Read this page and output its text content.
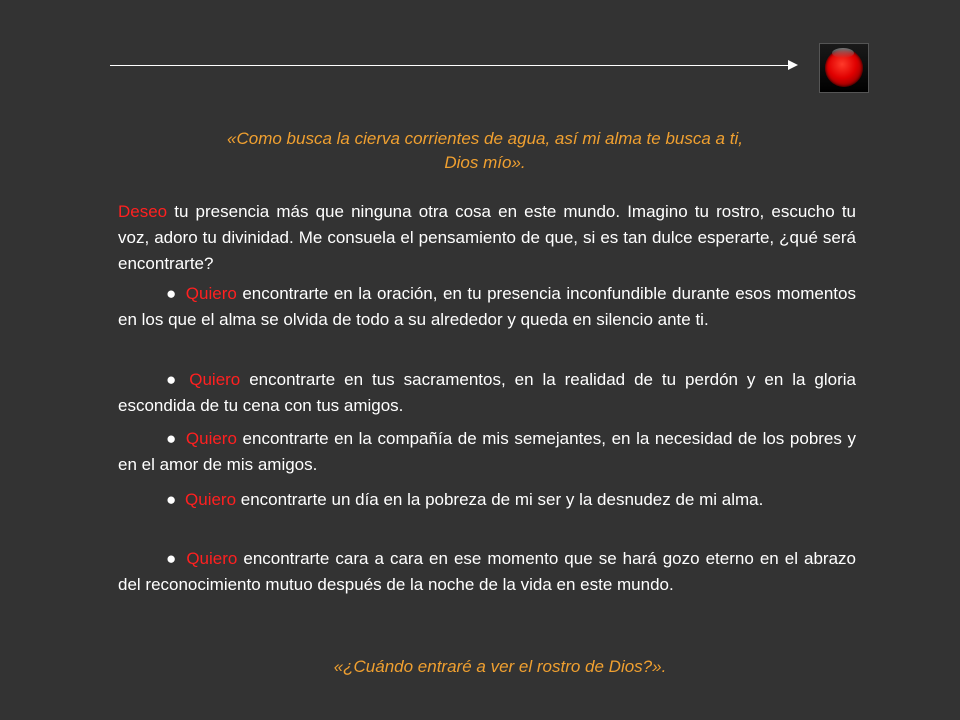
«Como busca la cierva corrientes de agua, así mi alma te busca a ti,
Dios mío».
Deseo tu presencia más que ninguna otra cosa en este mundo. Imagino tu rostro, escucho tu voz, adoro tu divinidad. Me consuela el pensamiento de que, si es tan dulce esperarte, ¿qué será encontrarte?
● Quiero encontrarte en la oración, en tu presencia inconfundible durante esos momentos en los que el alma se olvida de todo a su alrededor y queda en silencio ante ti.
● Quiero encontrarte en tus sacramentos, en la realidad de tu perdón y en la gloria escondida de tu cena con tus amigos.
● Quiero encontrarte en la compañía de mis semejantes, en la necesidad de los pobres y en el amor de mis amigos.
● Quiero encontrarte un día en la pobreza de mi ser y la desnudez de mi alma.
● Quiero encontrarte cara a cara en ese momento que se hará gozo eterno en el abrazo del reconocimiento mutuo después de la noche de la vida en este mundo.
«¿Cuándo entraré a ver el rostro de Dios?».
